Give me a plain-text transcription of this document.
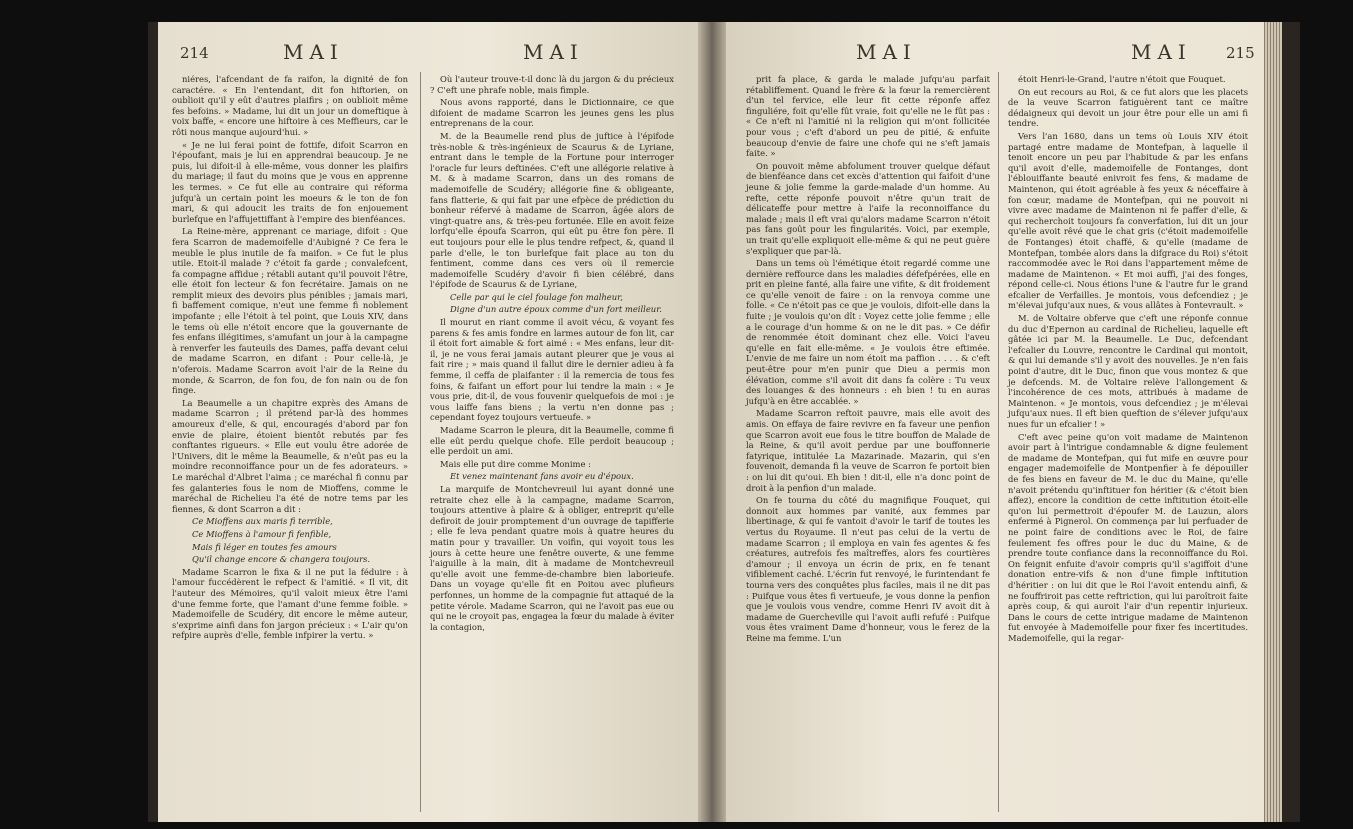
214	MAI	MAI

niéres, l'afcendant de fa raifon, la dignité de fon caractére. « En l'entendant, dit fon hiftorien, on oublioit qu'il y eût d'autres plaifirs ; on oublioit même fes befoins. » Madame, lui dit un jour un domeftique à voix baffe, « encore une hiftoire à ces Meffieurs, car le rôti nous manque aujourd'hui. »

« Je ne lui ferai point de fottife, difoit Scarron en l'époufant, mais je lui en apprendrai beaucoup. Je ne puis, lui difoit-il à elle-même, vous donner les plaifirs du mariage; il faut du moins que je vous en apprenne les termes. » Ce fut elle au contraire qui réforma jufqu'à un certain point les moeurs & le ton de fon mari, & qui adoucit les traits de fon enjouement burlefque en l'affujettiffant à l'empire des bienféances.

La Reine-mère, apprenant ce mariage, difoit : Que fera Scarron de mademoifelle d'Aubigné ? Ce fera le meuble le plus inutile de fa maifon. » Ce fut le plus utile. Etoit-il malade ? c'étoit fa garde ; convalefcent, fa compagne affidue ; rétabli autant qu'il pouvoit l'être, elle étoit fon lecteur & fon fecrétaire. Jamais on ne remplit mieux des devoirs plus pénibles ; jamais mari, fi baffement comique, n'eut une femme fi noblement impofante ; elle l'étoit à tel point, que Louis XIV, dans le tems où elle n'étoit encore que la gouvernante de fes enfans illégitimes, s'amufant un jour à la campagne à renverfer les fauteuils des Dames, paffa devant celui de madame Scarron, en difant : Pour celle-là, je n'oferois. Madame Scarron avoit l'air de la Reine du monde, & Scarron, de fon fou, de fon nain ou de fon finge.

La Beaumelle a un chapitre exprès des Amans de madame Scarron ; il prétend par-là des hommes amoureux d'elle, & qui, encouragés d'abord par fon envie de plaire, étoient bientôt rebutés par fes conftantes rigueurs. « Elle eut voulu être adorée de l'Univers, dit le même la Beaumelle, & n'eût pas eu la moindre reconnoiffance pour un de fes adorateurs. » Le maréchal d'Albret l'aima ; ce maréchal fi connu par fes galanteries fous le nom de Mioffens, comme le maréchal de Richelieu l'a été de notre tems par les fiennes, & dont Scarron a dit :

Ce Mioffens aux maris fi terrible,

Ce Mioffens à l'amour fi fenfible,

Mais fi léger en toutes fes amours

Qu'il change encore & changera toujours.

Madame Scarron le fixa & il ne put la féduire : à l'amour fuccédèrent le refpect & l'amitié. « Il vit, dit l'auteur des Mémoires, qu'il valoit mieux être l'ami d'une femme forte, que l'amant d'une femme foible. » Mademoifelle de Scudéry, dit encore le même auteur, s'exprime ainfi dans fon jargon précieux : « L'air qu'on refpire auprès d'elle, femble infpirer la vertu. »

Où l'auteur trouve-t-il donc là du jargon & du précieux ? C'eft une phrafe noble, mais fimple.

Nous avons rapporté, dans le Dictionnaire, ce que difoient de madame Scarron les jeunes gens les plus entreprenans de la cour.

M. de la Beaumelle rend plus de juftice à l'épifode très-noble & très-ingénieux de Scaurus & de Lyriane, entrant dans le temple de la Fortune pour interroger l'oracle fur leurs deftinées. C'eft une allégorie relative à M. & à madame Scarron, dans un des romans de mademoifelle de Scudéry; allégorie fine & obligeante, fans flatterie, & qui fait par une efpèce de prédiction du bonheur réfervé à madame de Scarron, âgée alors de vingt-quatre ans, & très-peu fortunée. Elle en avoit feize lorfqu'elle époufa Scarron, qui eût pu être fon père. Il eut toujours pour elle le plus tendre refpect, &, quand il parle d'elle, le ton burlefque fait place au ton du fentiment, comme dans ces vers où il remercie mademoifelle Scudéry d'avoir fi bien célébré, dans l'épifode de Scaurus & de Lyriane,

Celle par qui le ciel foulage fon malheur,

Digne d'un autre époux comme d'un fort meilleur.

Il mourut en riant comme il avoit vécu, & voyant fes parens & fes amis fondre en larmes autour de fon lit, car il étoit fort aimable & fort aimé : « Mes enfans, leur dit-il, je ne vous ferai jamais autant pleurer que je vous ai fait rire ; » mais quand il fallut dire le dernier adieu à fa femme, il ceffa de plaifanter : il la remercia de tous fes foins, & faifant un effort pour lui tendre la main : « Je vous prie, dit-il, de vous fouvenir quelquefois de moi : je vous laiffe fans biens ; la vertu n'en donne pas ; cependant foyez toujours vertueufe. »

Madame Scarron le pleura, dit la Beaumelle, comme fi elle eût perdu quelque chofe. Elle perdoit beaucoup ; elle perdoit un ami.

Mais elle put dire comme Monime :

Et venez maintenant fans avoir eu d'époux.

La marquife de Montchevreuil lui ayant donné une retraite chez elle à la campagne, madame Scarron, toujours attentive à plaire & à obliger, entreprit qu'elle defiroit de jouir promptement d'un ouvrage de tapifferie ; elle fe leva pendant quatre mois à quatre heures du matin pour y travailler. Un voifin, qui voyoit tous les jours à cette heure une fenêtre ouverte, & une femme l'aiguille à la main, dit à madame de Montchevreuil qu'elle avoit une femme-de-chambre bien laborieufe. Dans un voyage qu'elle fit en Poitou avec plufieurs perfonnes, un homme de la compagnie fut attaqué de la petite vérole. Madame Scarron, qui ne l'avoit pas eue ou qui ne le croyoit pas, engagea la fœur du malade à éviter la contagion,

MAI	MAI 215

prit fa place, & garda le malade jufqu'au parfait rétabliffement. Quand le frère & la fœur la remercièrent d'un tel fervice, elle leur fit cette réponfe affez finguliére, foit qu'elle fût vraie, foit qu'elle ne le fût pas : « Ce n'eft ni l'amitié ni la religion qui m'ont follicitée pour vous ; c'eft d'abord un peu de pitié, & enfuite beaucoup d'envie de faire une chofe qui ne s'eft jamais faite. »

On pouvoit même abfolument trouver quelque défaut de bienféance dans cet excès d'attention qui faifoit d'une jeune & jolie femme la garde-malade d'un homme. Au refte, cette réponfe pouvoit n'être qu'un trait de délicateffe pour mettre à l'aife la reconnoiffance du malade ; mais il eft vrai qu'alors madame Scarron n'étoit pas fans goût pour les fingularités. Voici, par exemple, un trait qu'elle expliquoit elle-même & qui ne peut guère s'expliquer que par-là.

Dans un tems où l'émétique étoit regardé comme une dernière reffource dans les maladies défefpérées, elle en prit en pleine fanté, alla faire une vifite, & dit froidement ce qu'elle venoit de faire : on la renvoya comme une folle. « Ce n'étoit pas ce que je voulois, difoit-elle dans la fuite ; je voulois qu'on dît : Voyez cette jolie femme ; elle a le courage d'un homme & on ne le dit pas. » Ce défir de renommée étoit dominant chez elle. Voici l'aveu qu'elle en fait elle-même. « Je voulois être eftimée. L'envie de me faire un nom étoit ma paffion . . . . & c'eft peut-être pour m'en punir que Dieu a permis mon élévation, comme s'il avoit dit dans fa colère : Tu veux des louanges & des honneurs : eh bien ! tu en auras jufqu'à en être accablée. »

Madame Scarron reftoit pauvre, mais elle avoit des amis. On effaya de faire revivre en fa faveur une penfion que Scarron avoit eue fous le titre bouffon de Malade de la Reine, & qu'il avoit perdue par une bouffonnerie fatyrique, intitulée La Mazarinade. Mazarin, qui s'en fouvenoit, demanda fi la veuve de Scarron fe portoit bien : on lui dit qu'oui. Eh bien ! dit-il, elle n'a donc point de droit à la penfion d'un malade.

On fe tourna du côté du magnifique Fouquet, qui donnoit aux hommes par vanité, aux femmes par libertinage, & qui fe vantoit d'avoir le tarif de toutes les vertus du Royaume. Il n'eut pas celui de la vertu de madame Scarron ; il employa en vain fes agentes & fes créatures, autrefois fes maîtreffes, alors fes courtières d'amour ; il envoya un écrin de prix, en fe tenant vifiblement caché. L'écrin fut renvoyé, le furintendant fe tourna vers des conquêtes plus faciles, mais il ne dit pas : Puifque vous êtes fi vertueufe, je vous donne la penfion que je voulois vous vendre, comme Henri IV avoit dit à madame de Guercheville qui l'avoit aufli refufé : Puifque vous êtes vraiment Dame d'honneur, vous le ferez de la Reine ma femme. L'un

étoit Henri-le-Grand, l'autre n'étoit que Fouquet.

On eut recours au Roi, & ce fut alors que les placets de la veuve Scarron fatiguèrent tant ce maître dédaigneux qui devoit un jour être pour elle un ami fi tendre.

Vers l'an 1680, dans un tems où Louis XIV étoit partagé entre madame de Montefpan, à laquelle il tenoit encore un peu par l'habitude & par les enfans qu'il avoit d'elle, mademoifelle de Fontanges, dont l'éblouiffante beauté enivroit fes fens, & madame de Maintenon, qui étoit agréable à fes yeux & néceffaire à fon cœur, madame de Montefpan, qui ne pouvoit ni vivre avec madame de Maintenon ni fe paffer d'elle, & qui recherchoit toujours fa converfation, lui dit un jour qu'elle avoit rêvé que le chat gris (c'étoit mademoifelle de Fontanges) étoit chaffé, & qu'elle (madame de Montefpan, tombée alors dans la difgrace du Roi) s'étoit raccommodée avec le Roi dans l'appartement même de madame de Maintenon. « Et moi auffi, j'ai des fonges, répond celle-ci. Nous étions l'une & l'autre fur le grand efcalier de Verfailles. Je montois, vous defcendiez ; je m'élevai jufqu'aux nues, & vous allâtes à Fontevrault. »

M. de Voltaire obferve que c'eft une réponfe connue du duc d'Epernon au cardinal de Richelieu, laquelle eft gâtée ici par M. la Beaumelle. Le Duc, defcendant l'efcalier du Louvre, rencontre le Cardinal qui montoit, & qui lui demande s'il y avoit des nouvelles. Je n'en fais point d'autre, dit le Duc, finon que vous montez & que je defcends. M. de Voltaire relève l'allongement & l'incohérence de ces mots, attribués à madame de Maintenon. « Je montois, vous defcendiez ; je m'élevai jufqu'aux nues. Il eft bien queftion de s'élever jufqu'aux nues fur un efcalier ! »

C'eft avec peine qu'on voit madame de Maintenon avoir part à l'intrigue condamnable & digne feulement de madame de Montefpan, qui fut mife en œuvre pour engager mademoifelle de Montpenfier à fe dépouiller de fes biens en faveur de M. le duc du Maine, qu'elle n'avoit prétendu qu'inftituer fon héritier (& c'étoit bien affez), encore la condition de cette inftitution étoit-elle qu'on lui permettroit d'époufer M. de Lauzun, alors enfermé à Pignerol. On commença par lui perfuader de ne point faire de conditions avec le Roi, de faire feulement fes offres pour le duc du Maine, & de prendre toute confiance dans la reconnoiffance du Roi. On feignit enfuite d'avoir compris qu'il s'agiffoit d'une donation entre-vifs & non d'une fimple inftitution d'héritier : on lui dit que le Roi l'avoit entendu ainfi, & ne fouffriroit pas cette reftriction, qui lui paroîtroit faite après coup, & qui auroit l'air d'un repentir injurieux. Dans le cours de cette intrigue madame de Maintenon fut envoyée à Mademoifelle pour fixer fes incertitudes. Mademoifelle, qui la regar-
